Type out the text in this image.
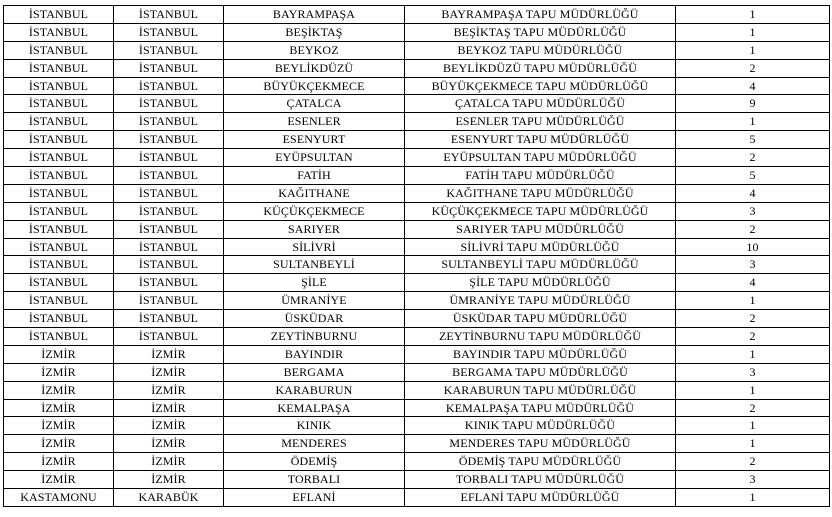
İSTANBUL	İSTANBUL	BAYRAMPAŞA	BAYRAMPAŞA TAPU MÜDÜRLÜĞÜ	1
İSTANBUL	İSTANBUL	BEŞİKTAŞ	BEŞİKTAŞ TAPU MÜDÜRLÜĞÜ	1
İSTANBUL	İSTANBUL	BEYKOZ	BEYKOZ TAPU MÜDÜRLÜĞÜ	1
İSTANBUL	İSTANBUL	BEYLİKDÜZÜ	BEYLİKDÜZÜ TAPU MÜDÜRLÜĞÜ	2
İSTANBUL	İSTANBUL	BÜYÜKÇEKMECE	BÜYÜKÇEKMECE TAPU MÜDÜRLÜĞÜ	4
İSTANBUL	İSTANBUL	ÇATALCA	ÇATALCA TAPU MÜDÜRLÜĞÜ	9
İSTANBUL	İSTANBUL	ESENLER	ESENLER TAPU MÜDÜRLÜĞÜ	1
İSTANBUL	İSTANBUL	ESENYURT	ESENYURT TAPU MÜDÜRLÜĞÜ	5
İSTANBUL	İSTANBUL	EYÜPSULTAN	EYÜPSULTAN TAPU MÜDÜRLÜĞÜ	2
İSTANBUL	İSTANBUL	FATİH	FATİH TAPU MÜDÜRLÜĞÜ	5
İSTANBUL	İSTANBUL	KAĞITHANE	KAĞITHANE TAPU MÜDÜRLÜĞÜ	4
İSTANBUL	İSTANBUL	KÜÇÜKÇEKMECE	KÜÇÜKÇEKMECE TAPU MÜDÜRLÜĞÜ	3
İSTANBUL	İSTANBUL	SARIYER	SARIYER TAPU MÜDÜRLÜĞÜ	2
İSTANBUL	İSTANBUL	SİLİVRİ	SİLİVRİ TAPU MÜDÜRLÜĞÜ	10
İSTANBUL	İSTANBUL	SULTANBEYLİ	SULTANBEYLİ TAPU MÜDÜRLÜĞÜ	3
İSTANBUL	İSTANBUL	ŞİLE	ŞİLE TAPU MÜDÜRLÜĞÜ	4
İSTANBUL	İSTANBUL	ÜMRANİYE	ÜMRANİYE TAPU MÜDÜRLÜĞÜ	1
İSTANBUL	İSTANBUL	ÜSKÜDAR	ÜSKÜDAR TAPU MÜDÜRLÜĞÜ	2
İSTANBUL	İSTANBUL	ZEYTİNBURNU	ZEYTİNBURNU TAPU MÜDÜRLÜĞÜ	2
İZMİR	İZMİR	BAYINDIR	BAYINDIR TAPU MÜDÜRLÜĞÜ	1
İZMİR	İZMİR	BERGAMA	BERGAMA TAPU MÜDÜRLÜĞÜ	3
İZMİR	İZMİR	KARABURUN	KARABURUN TAPU MÜDÜRLÜĞÜ	1
İZMİR	İZMİR	KEMALPAŞA	KEMALPAŞA TAPU MÜDÜRLÜĞÜ	2
İZMİR	İZMİR	KINIK	KINIK TAPU MÜDÜRLÜĞÜ	1
İZMİR	İZMİR	MENDERES	MENDERES TAPU MÜDÜRLÜĞÜ	1
İZMİR	İZMİR	ÖDEMİŞ	ÖDEMİŞ TAPU MÜDÜRLÜĞÜ	2
İZMİR	İZMİR	TORBALI	TORBALI TAPU MÜDÜRLÜĞÜ	3
KASTAMONU	KARABÜK	EFLANİ	EFLANİ TAPU MÜDÜRLÜĞÜ	1
